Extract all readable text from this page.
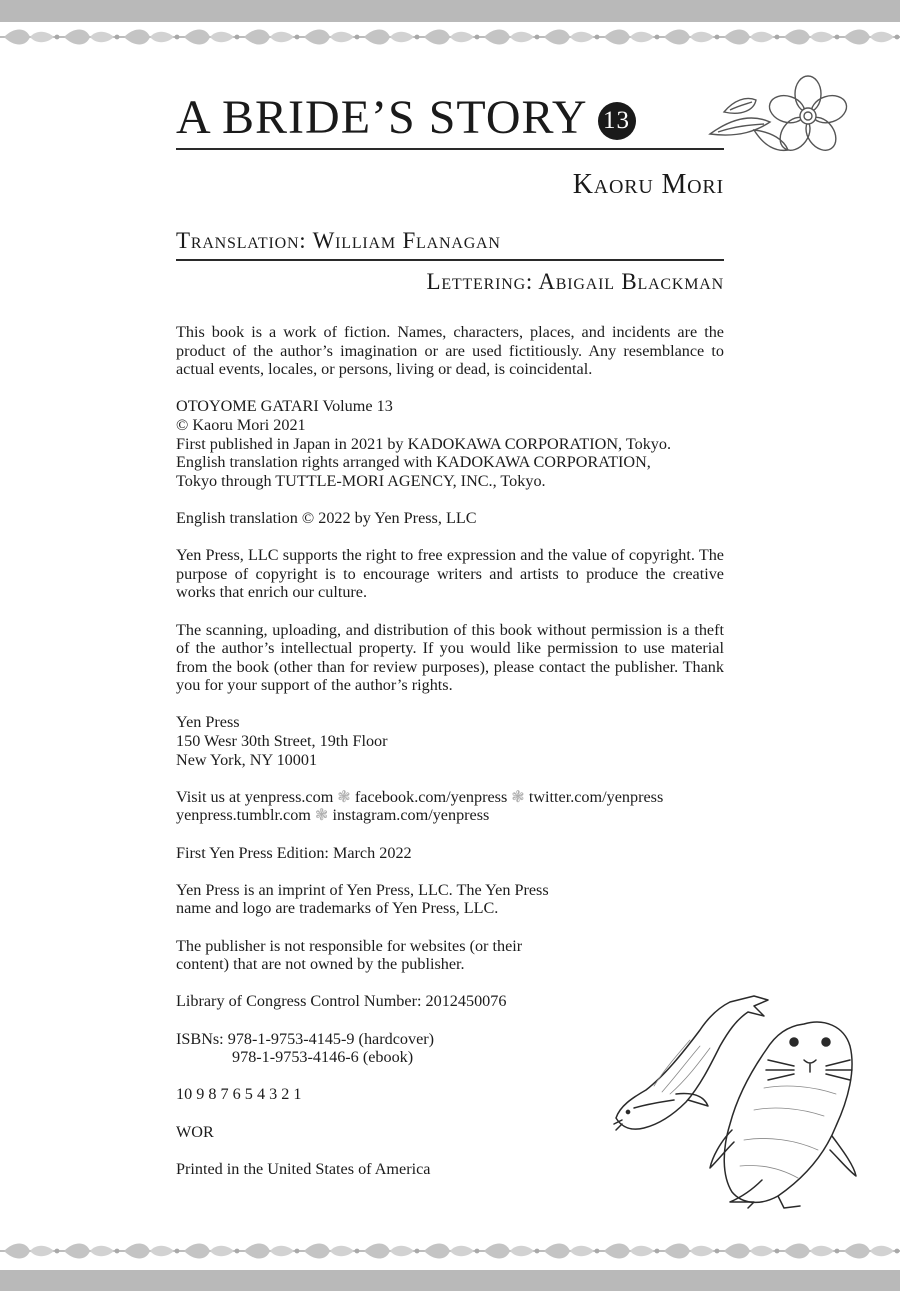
A BRIDE’S STORY 13
Kaoru Mori
Translation: William Flanagan
Lettering: Abigail Blackman

This book is a work of fiction. Names, characters, places, and incidents are the product of the author’s imagination or are used fictitiously. Any resemblance to actual events, locales, or persons, living or dead, is coincidental.

OTOYOME GATARI Volume 13
© Kaoru Mori 2021
First published in Japan in 2021 by KADOKAWA CORPORATION, Tokyo.
English translation rights arranged with KADOKAWA CORPORATION,
Tokyo through TUTTLE-MORI AGENCY, INC., Tokyo.

English translation © 2022 by Yen Press, LLC

Yen Press, LLC supports the right to free expression and the value of copyright. The purpose of copyright is to encourage writers and artists to produce the creative works that enrich our culture.

The scanning, uploading, and distribution of this book without permission is a theft of the author’s intellectual property. If you would like permission to use material from the book (other than for review purposes), please contact the publisher. Thank you for your support of the author’s rights.

Yen Press
150 Wesr 30th Street, 19th Floor
New York, NY 10001

Visit us at yenpress.com ❃ facebook.com/yenpress ❃ twitter.com/yenpress
yenpress.tumblr.com ❃ instagram.com/yenpress

First Yen Press Edition: March 2022

Yen Press is an imprint of Yen Press, LLC. The Yen Press
name and logo are trademarks of Yen Press, LLC.

The publisher is not responsible for websites (or their
content) that are not owned by the publisher.

Library of Congress Control Number: 2012450076

ISBNs: 978-1-9753-4145-9 (hardcover)
978-1-9753-4146-6 (ebook)

10 9 8 7 6 5 4 3 2 1

WOR

Printed in the United States of America
